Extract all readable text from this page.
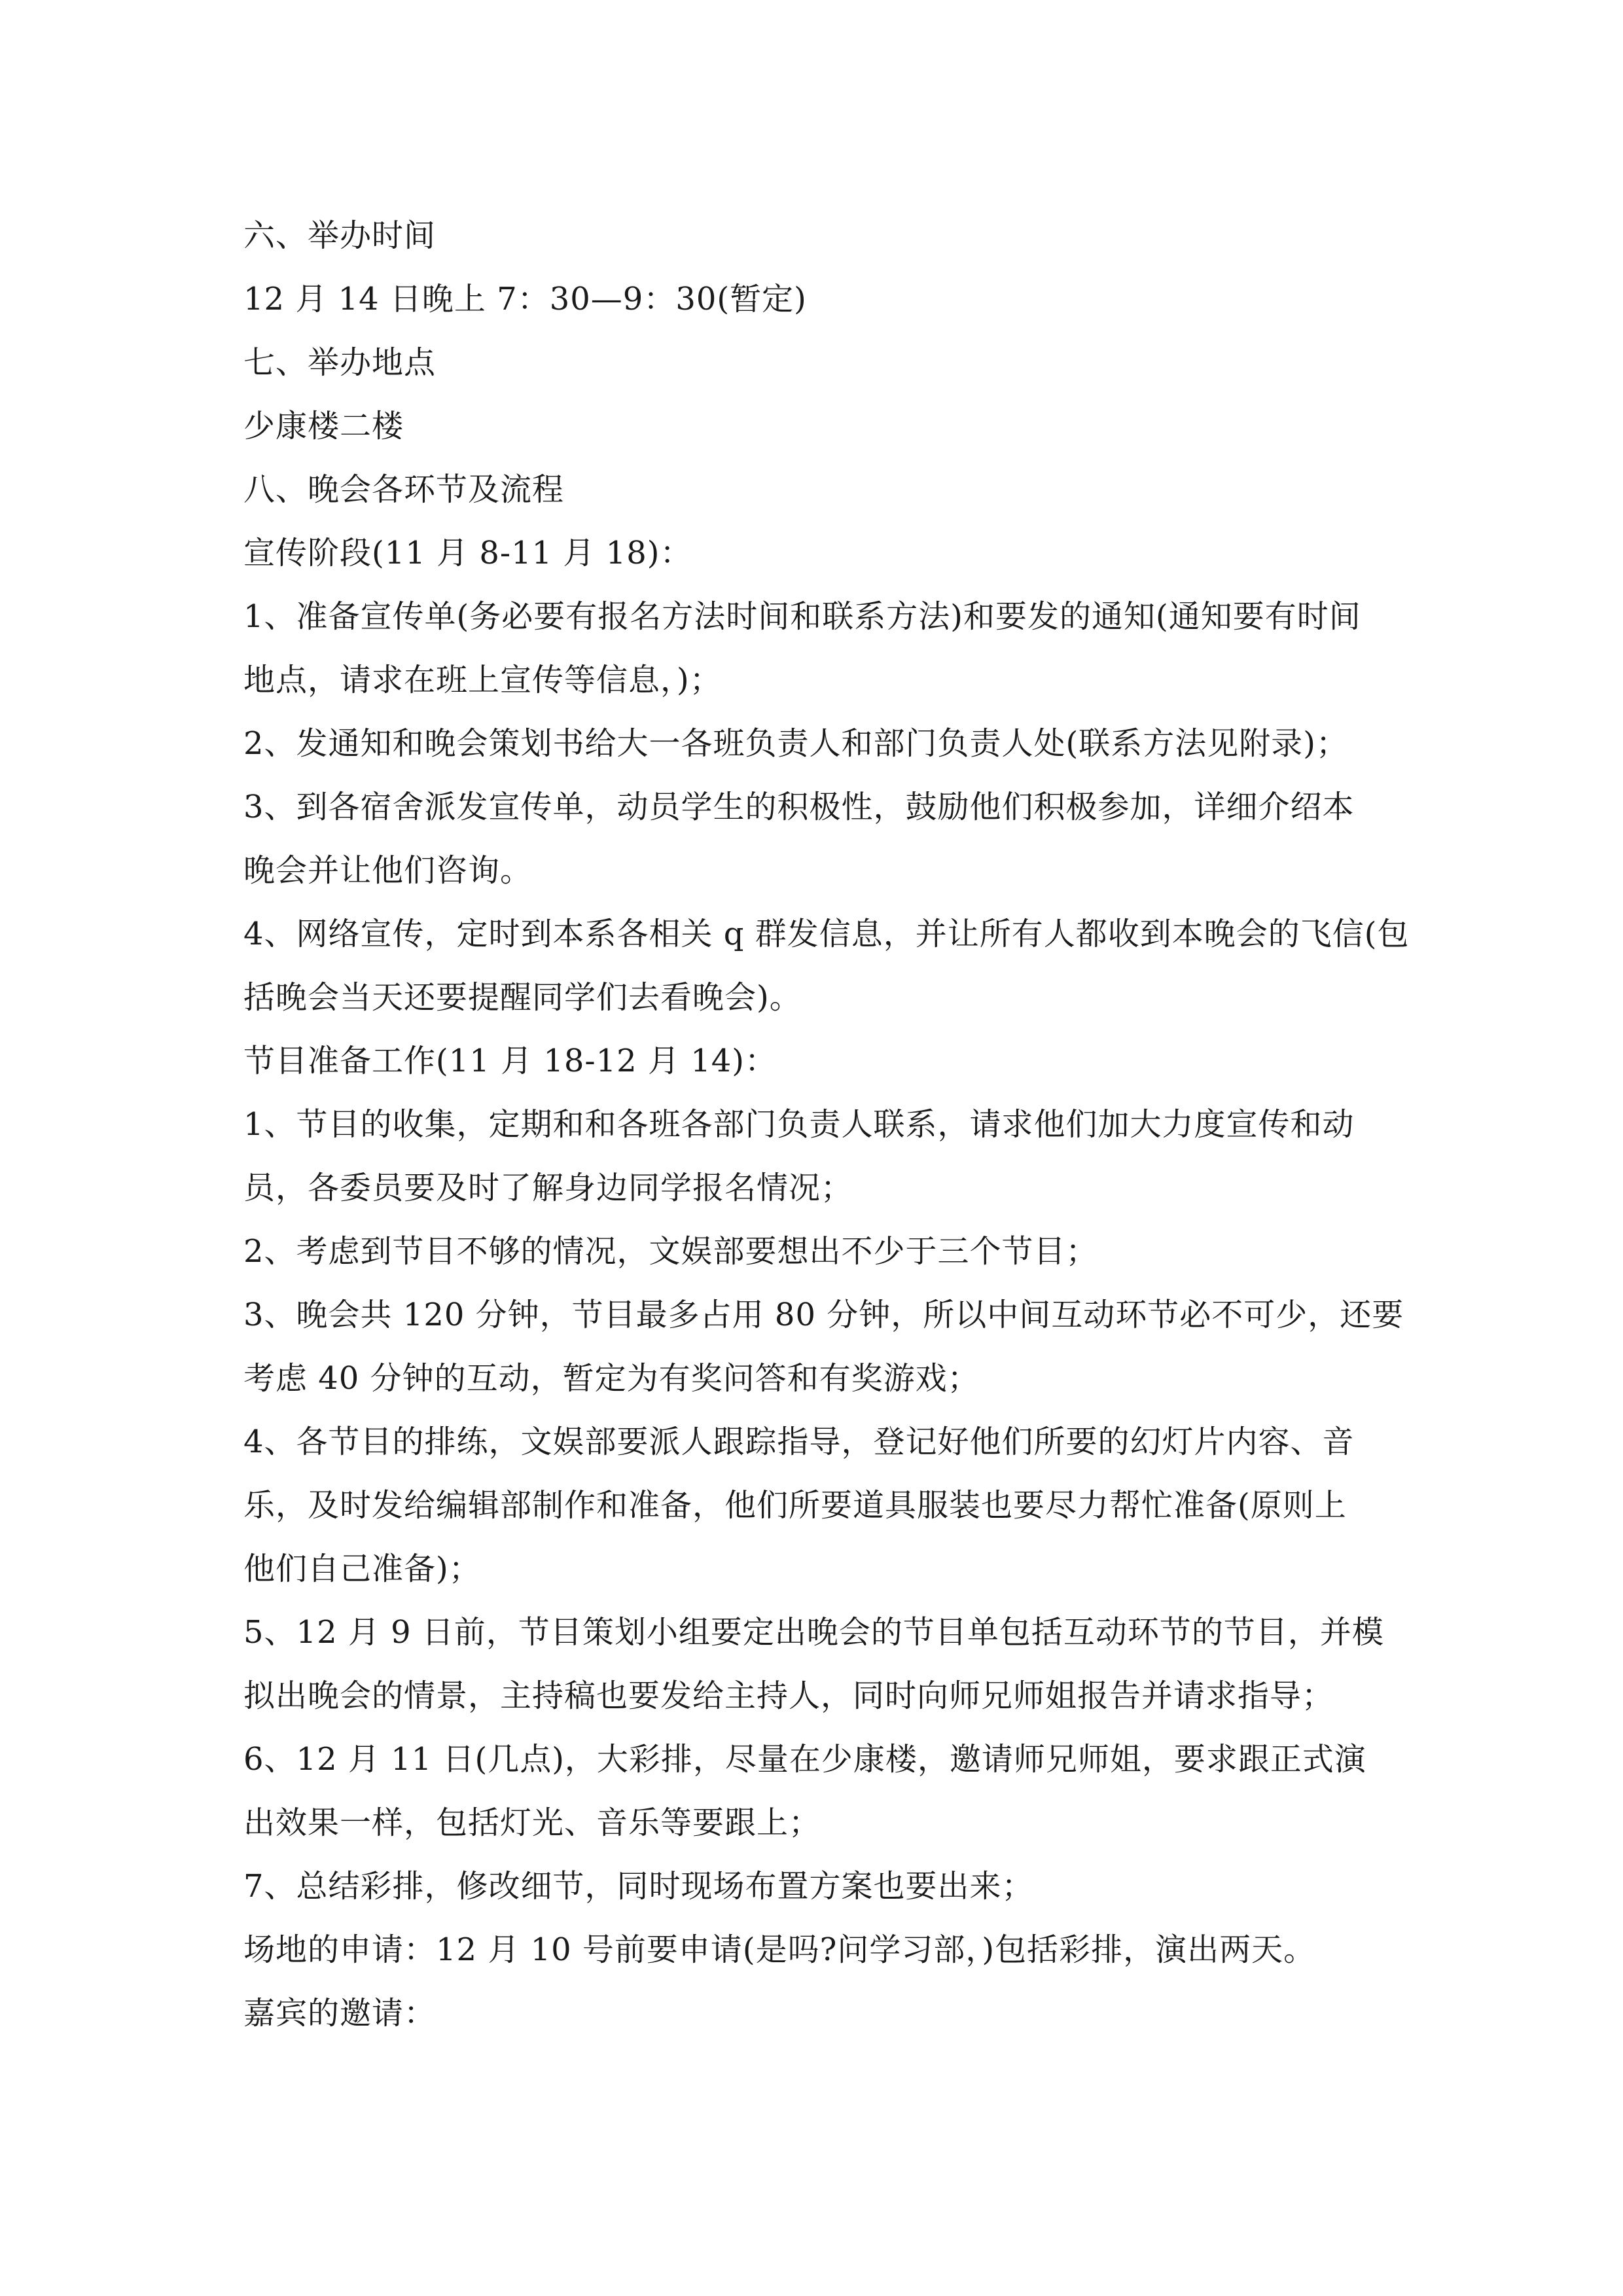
六、举办时间
12 月 14 日晚上 7：30—9：30(暂定)
七、举办地点
少康楼二楼
八、晚会各环节及流程
宣传阶段(11 月 8-11 月 18)：
1、准备宣传单(务必要有报名方法时间和联系方法)和要发的通知(通知要有时间
地点，请求在班上宣传等信息，)；
2、发通知和晚会策划书给大一各班负责人和部门负责人处(联系方法见附录)；
3、到各宿舍派发宣传单，动员学生的积极性，鼓励他们积极参加，详细介绍本
晚会并让他们咨询。
4、网络宣传，定时到本系各相关 q 群发信息，并让所有人都收到本晚会的飞信(包
括晚会当天还要提醒同学们去看晚会)。
节目准备工作(11 月 18-12 月 14)：
1、节目的收集，定期和和各班各部门负责人联系，请求他们加大力度宣传和动
员，各委员要及时了解身边同学报名情况；
2、考虑到节目不够的情况，文娱部要想出不少于三个节目；
3、晚会共 120 分钟，节目最多占用 80 分钟，所以中间互动环节必不可少，还要
考虑 40 分钟的互动，暂定为有奖问答和有奖游戏；
4、各节目的排练，文娱部要派人跟踪指导，登记好他们所要的幻灯片内容、音
乐，及时发给编辑部制作和准备，他们所要道具服装也要尽力帮忙准备(原则上
他们自己准备)；
5、12 月 9 日前，节目策划小组要定出晚会的节目单包括互动环节的节目，并模
拟出晚会的情景，主持稿也要发给主持人，同时向师兄师姐报告并请求指导；
6、12 月 11 日(几点)，大彩排，尽量在少康楼，邀请师兄师姐，要求跟正式演
出效果一样，包括灯光、音乐等要跟上；
7、总结彩排，修改细节，同时现场布置方案也要出来；
场地的申请：12 月 10 号前要申请(是吗?问学习部，)包括彩排，演出两天。
嘉宾的邀请：
